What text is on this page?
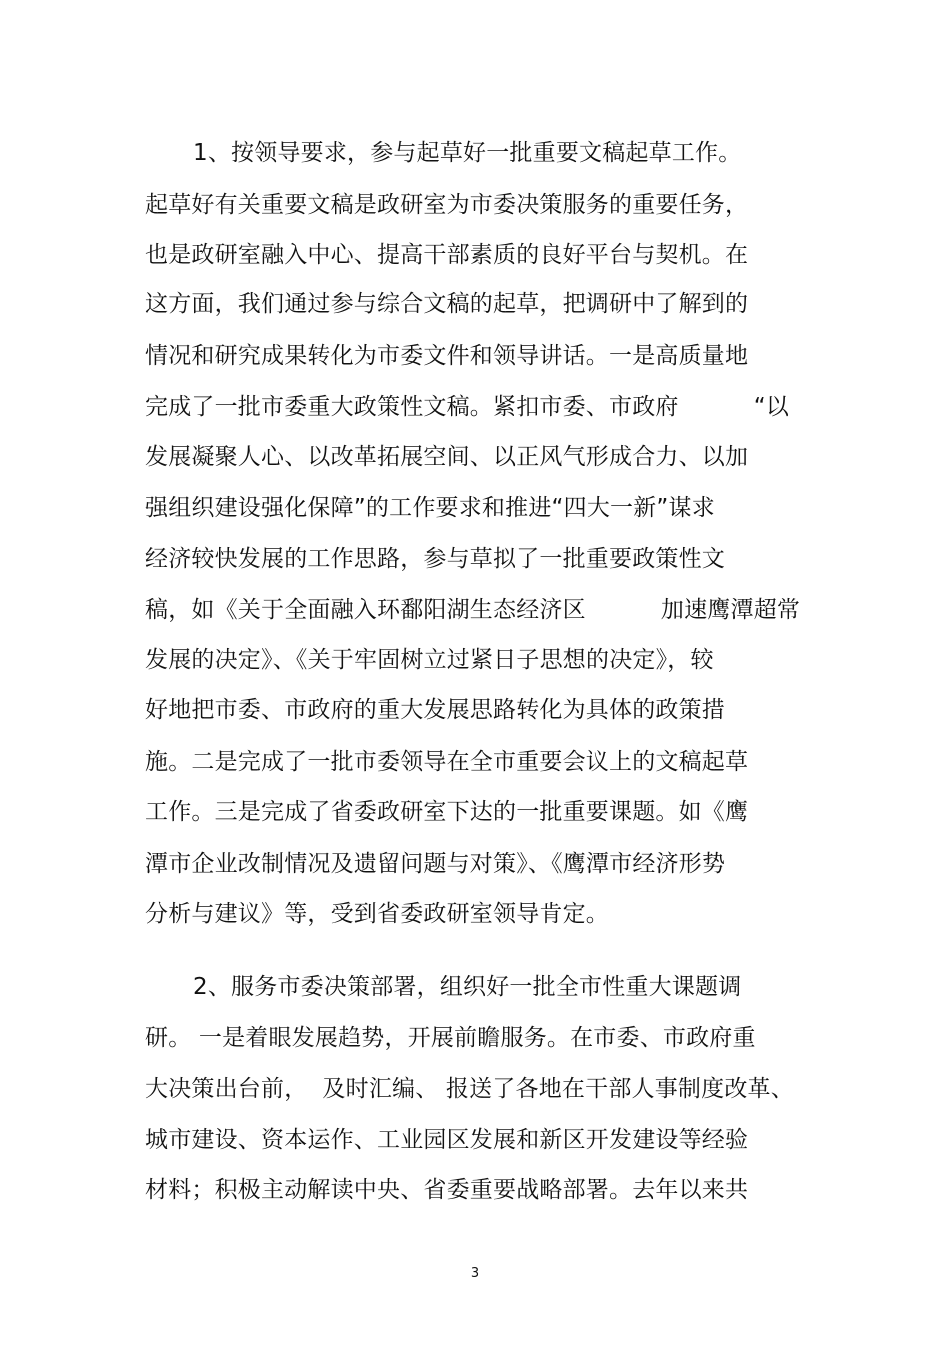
1、按领导要求，参与起草好一批重要文稿起草工作。
起草好有关重要文稿是政研室为市委决策服务的重要任务，
也是政研室融入中心、提高干部素质的良好平台与契机。在
这方面，我们通过参与综合文稿的起草，把调研中了解到的
情况和研究成果转化为市委文件和领导讲话。一是高质量地
完成了一批市委重大政策性文稿。紧扣市委、市政府          “以
发展凝聚人心、以改革拓展空间、以正风气形成合力、以加
强组织建设强化保障”的工作要求和推进“四大一新”谋求
经济较快发展的工作思路，参与草拟了一批重要政策性文
稿，如《关于全面融入环鄱阳湖生态经济区          加速鹰潭超常
发展的决定》、《关于牢固树立过紧日子思想的决定》，较
好地把市委、市政府的重大发展思路转化为具体的政策措
施。二是完成了一批市委领导在全市重要会议上的文稿起草
工作。三是完成了省委政研室下达的一批重要课题。如《鹰
潭市企业改制情况及遗留问题与对策》、《鹰潭市经济形势
分析与建议》等，受到省委政研室领导肯定。
2、服务市委决策部署，组织好一批全市性重大课题调
研。 一是着眼发展趋势，开展前瞻服务。在市委、市政府重
大决策出台前，  及时汇编、 报送了各地在干部人事制度改革、
城市建设、资本运作、工业园区发展和新区开发建设等经验
材料；积极主动解读中央、省委重要战略部署。去年以来共
3
